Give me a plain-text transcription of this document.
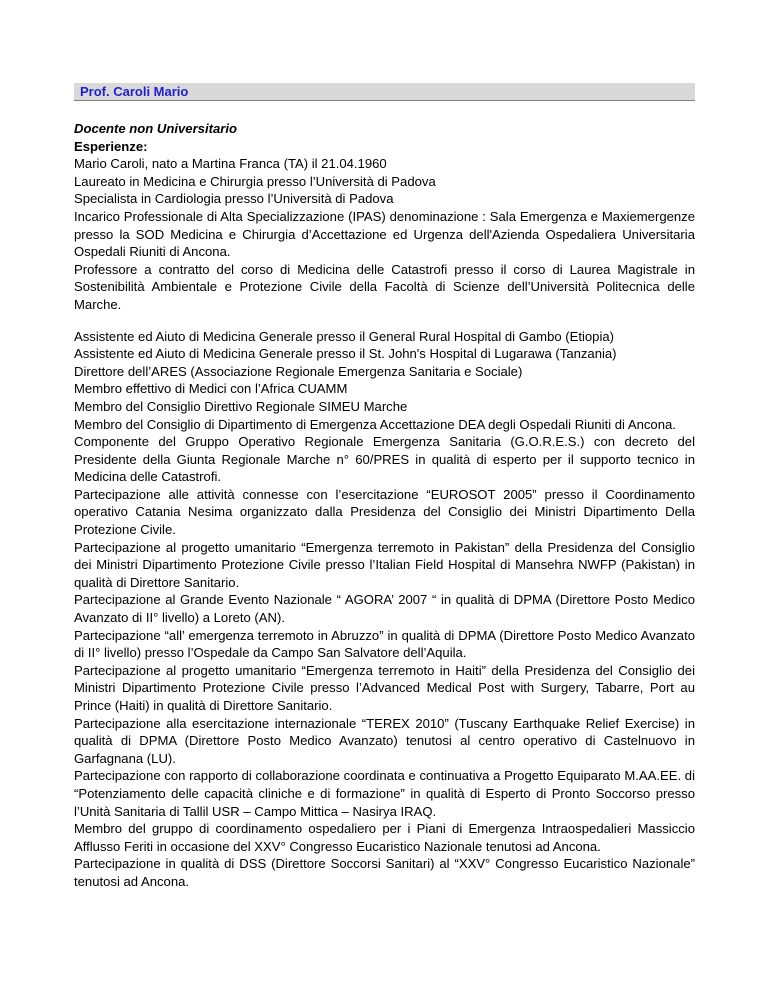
Prof. Caroli Mario

Docente non Universitario

Esperienze:

Mario Caroli, nato a Martina Franca (TA) il 21.04.1960

Laureato in Medicina e Chirurgia presso l’Università di Padova

Specialista in Cardiologia presso l’Università di Padova

Incarico Professionale di Alta Specializzazione (IPAS) denominazione : Sala Emergenza e Maxiemergenze presso la SOD Medicina e Chirurgia d’Accettazione ed Urgenza dell'Azienda Ospedaliera Universitaria Ospedali Riuniti di Ancona.

Professore a contratto del corso di Medicina delle Catastrofi presso il corso di Laurea Magistrale in Sostenibilità Ambientale e Protezione Civile della Facoltà di Scienze dell’Università Politecnica delle Marche.

Assistente ed Aiuto di Medicina Generale presso il General Rural Hospital di Gambo (Etiopia)

Assistente ed Aiuto di Medicina Generale presso il St. John's Hospital di Lugarawa (Tanzania)

Direttore dell’ARES (Associazione Regionale Emergenza Sanitaria e Sociale)

Membro effettivo di Medici con l’Africa CUAMM

Membro del Consiglio Direttivo Regionale SIMEU Marche

Membro del Consiglio di Dipartimento di Emergenza Accettazione DEA degli Ospedali Riuniti di Ancona.

Componente del Gruppo Operativo Regionale Emergenza Sanitaria (G.O.R.E.S.) con decreto del Presidente della Giunta Regionale Marche n° 60/PRES in qualità di esperto per il supporto tecnico in Medicina delle Catastrofi.

Partecipazione alle attività connesse con l’esercitazione “EUROSOT 2005” presso il Coordinamento operativo Catania Nesima organizzato dalla Presidenza del Consiglio dei Ministri Dipartimento Della Protezione Civile.

Partecipazione al progetto umanitario “Emergenza terremoto in Pakistan” della Presidenza del Consiglio dei Ministri Dipartimento Protezione Civile presso l’Italian Field Hospital di Mansehra NWFP (Pakistan) in qualità di Direttore Sanitario.

Partecipazione al Grande Evento Nazionale “ AGORA’ 2007 “ in qualità di DPMA (Direttore Posto Medico Avanzato di II° livello) a Loreto (AN).

Partecipazione “all’ emergenza terremoto in Abruzzo” in qualità di DPMA (Direttore Posto Medico Avanzato di II° livello) presso l’Ospedale da Campo San Salvatore dell’Aquila.

Partecipazione al progetto umanitario “Emergenza terremoto in Haiti” della Presidenza del Consiglio dei Ministri Dipartimento Protezione Civile presso l’Advanced Medical Post with Surgery, Tabarre, Port au Prince (Haiti) in qualità di Direttore Sanitario.

Partecipazione alla esercitazione internazionale “TEREX 2010” (Tuscany Earthquake Relief Exercise) in qualità di DPMA (Direttore Posto Medico Avanzato) tenutosi al centro operativo di Castelnuovo in Garfagnana (LU).

Partecipazione con rapporto di collaborazione coordinata e continuativa a Progetto Equiparato M.AA.EE. di “Potenziamento delle capacità cliniche e di formazione” in qualità di Esperto di Pronto Soccorso presso l’Unità Sanitaria di Tallil USR – Campo Mittica – Nasirya IRAQ.

Membro del gruppo di coordinamento ospedaliero per i Piani di Emergenza Intraospedalieri Massiccio Afflusso Feriti in occasione del XXV° Congresso Eucaristico Nazionale tenutosi ad Ancona.

Partecipazione in qualità di DSS (Direttore Soccorsi Sanitari) al “XXV° Congresso Eucaristico Nazionale” tenutosi ad Ancona.
